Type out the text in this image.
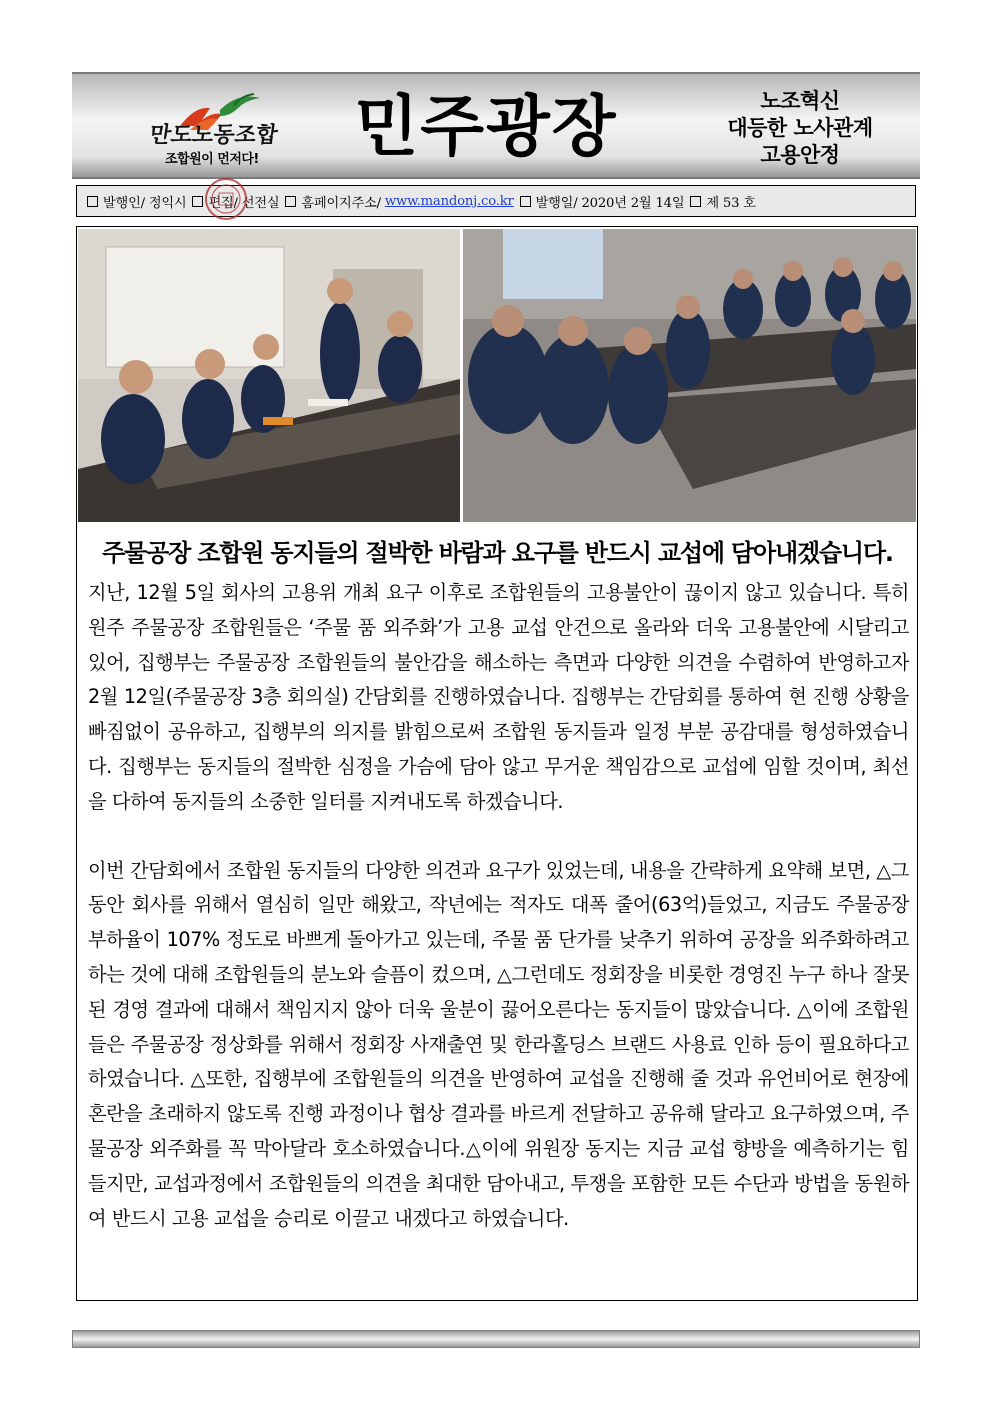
만도노동조합
조합원이 먼저다!	민주광장	노조혁신
대등한 노사관계
고용안정
발행인/ 정익시 편집/ 선전실 홈페이지주소/
www.mandonj.co.kr 발행일/ 2020년 2월 14일 제 53 호
주물공장 조합원 동지들의 절박한 바람과 요구를 반드시 교섭에 담아내겠습니다.

지난, 12월 5일 회사의 고용위 개최 요구 이후로 조합원들의 고용불안이 끊이지 않고 있습니다. 특히 원주 주물공장 조합원들은 ‘주물 품 외주화’가 고용 교섭 안건으로 올라와 더욱 고용불안에 시달리고 있어, 집행부는 주물공장 조합원들의 불안감을 해소하는 측면과 다양한 의견을 수렴하여 반영하고자 2월 12일(주물공장 3층 회의실) 간담회를 진행하였습니다. 집행부는 간담회를 통하여 현 진행 상황을 빠짐없이 공유하고, 집행부의 의지를 밝힘으로써 조합원 동지들과 일정 부분 공감대를 형성하였습니다. 집행부는 동지들의 절박한 심정을 가슴에 담아 않고 무거운 책임감으로 교섭에 임할 것이며, 최선을 다하여 동지들의 소중한 일터를 지켜내도록 하겠습니다.

이번 간담회에서 조합원 동지들의 다양한 의견과 요구가 있었는데, 내용을 간략하게 요약해 보면, △그동안 회사를 위해서 열심히 일만 해왔고, 작년에는 적자도 대폭 줄어(63억)들었고, 지금도 주물공장 부하율이 107% 정도로 바쁘게 돌아가고 있는데, 주물 품 단가를 낮추기 위하여 공장을 외주화하려고 하는 것에 대해 조합원들의 분노와 슬픔이 컸으며, △그런데도 정회장을 비롯한 경영진 누구 하나 잘못된 경영 결과에 대해서 책임지지 않아 더욱 울분이 끓어오른다는 동지들이 많았습니다. △이에 조합원들은 주물공장 정상화를 위해서 정회장 사재출연 및 한라홀딩스 브랜드 사용료 인하 등이 필요하다고 하였습니다. △또한, 집행부에 조합원들의 의견을 반영하여 교섭을 진행해 줄 것과 유언비어로 현장에 혼란을 초래하지 않도록 진행 과정이나 협상 결과를 바르게 전달하고 공유해 달라고 요구하였으며, 주물공장 외주화를 꼭 막아달라 호소하였습니다.△이에 위원장 동지는 지금 교섭 향방을 예측하기는 힘들지만, 교섭과정에서 조합원들의 의견을 최대한 담아내고, 투쟁을 포함한 모든 수단과 방법을 동원하여 반드시 고용 교섭을 승리로 이끌고 내겠다고 하였습니다.
